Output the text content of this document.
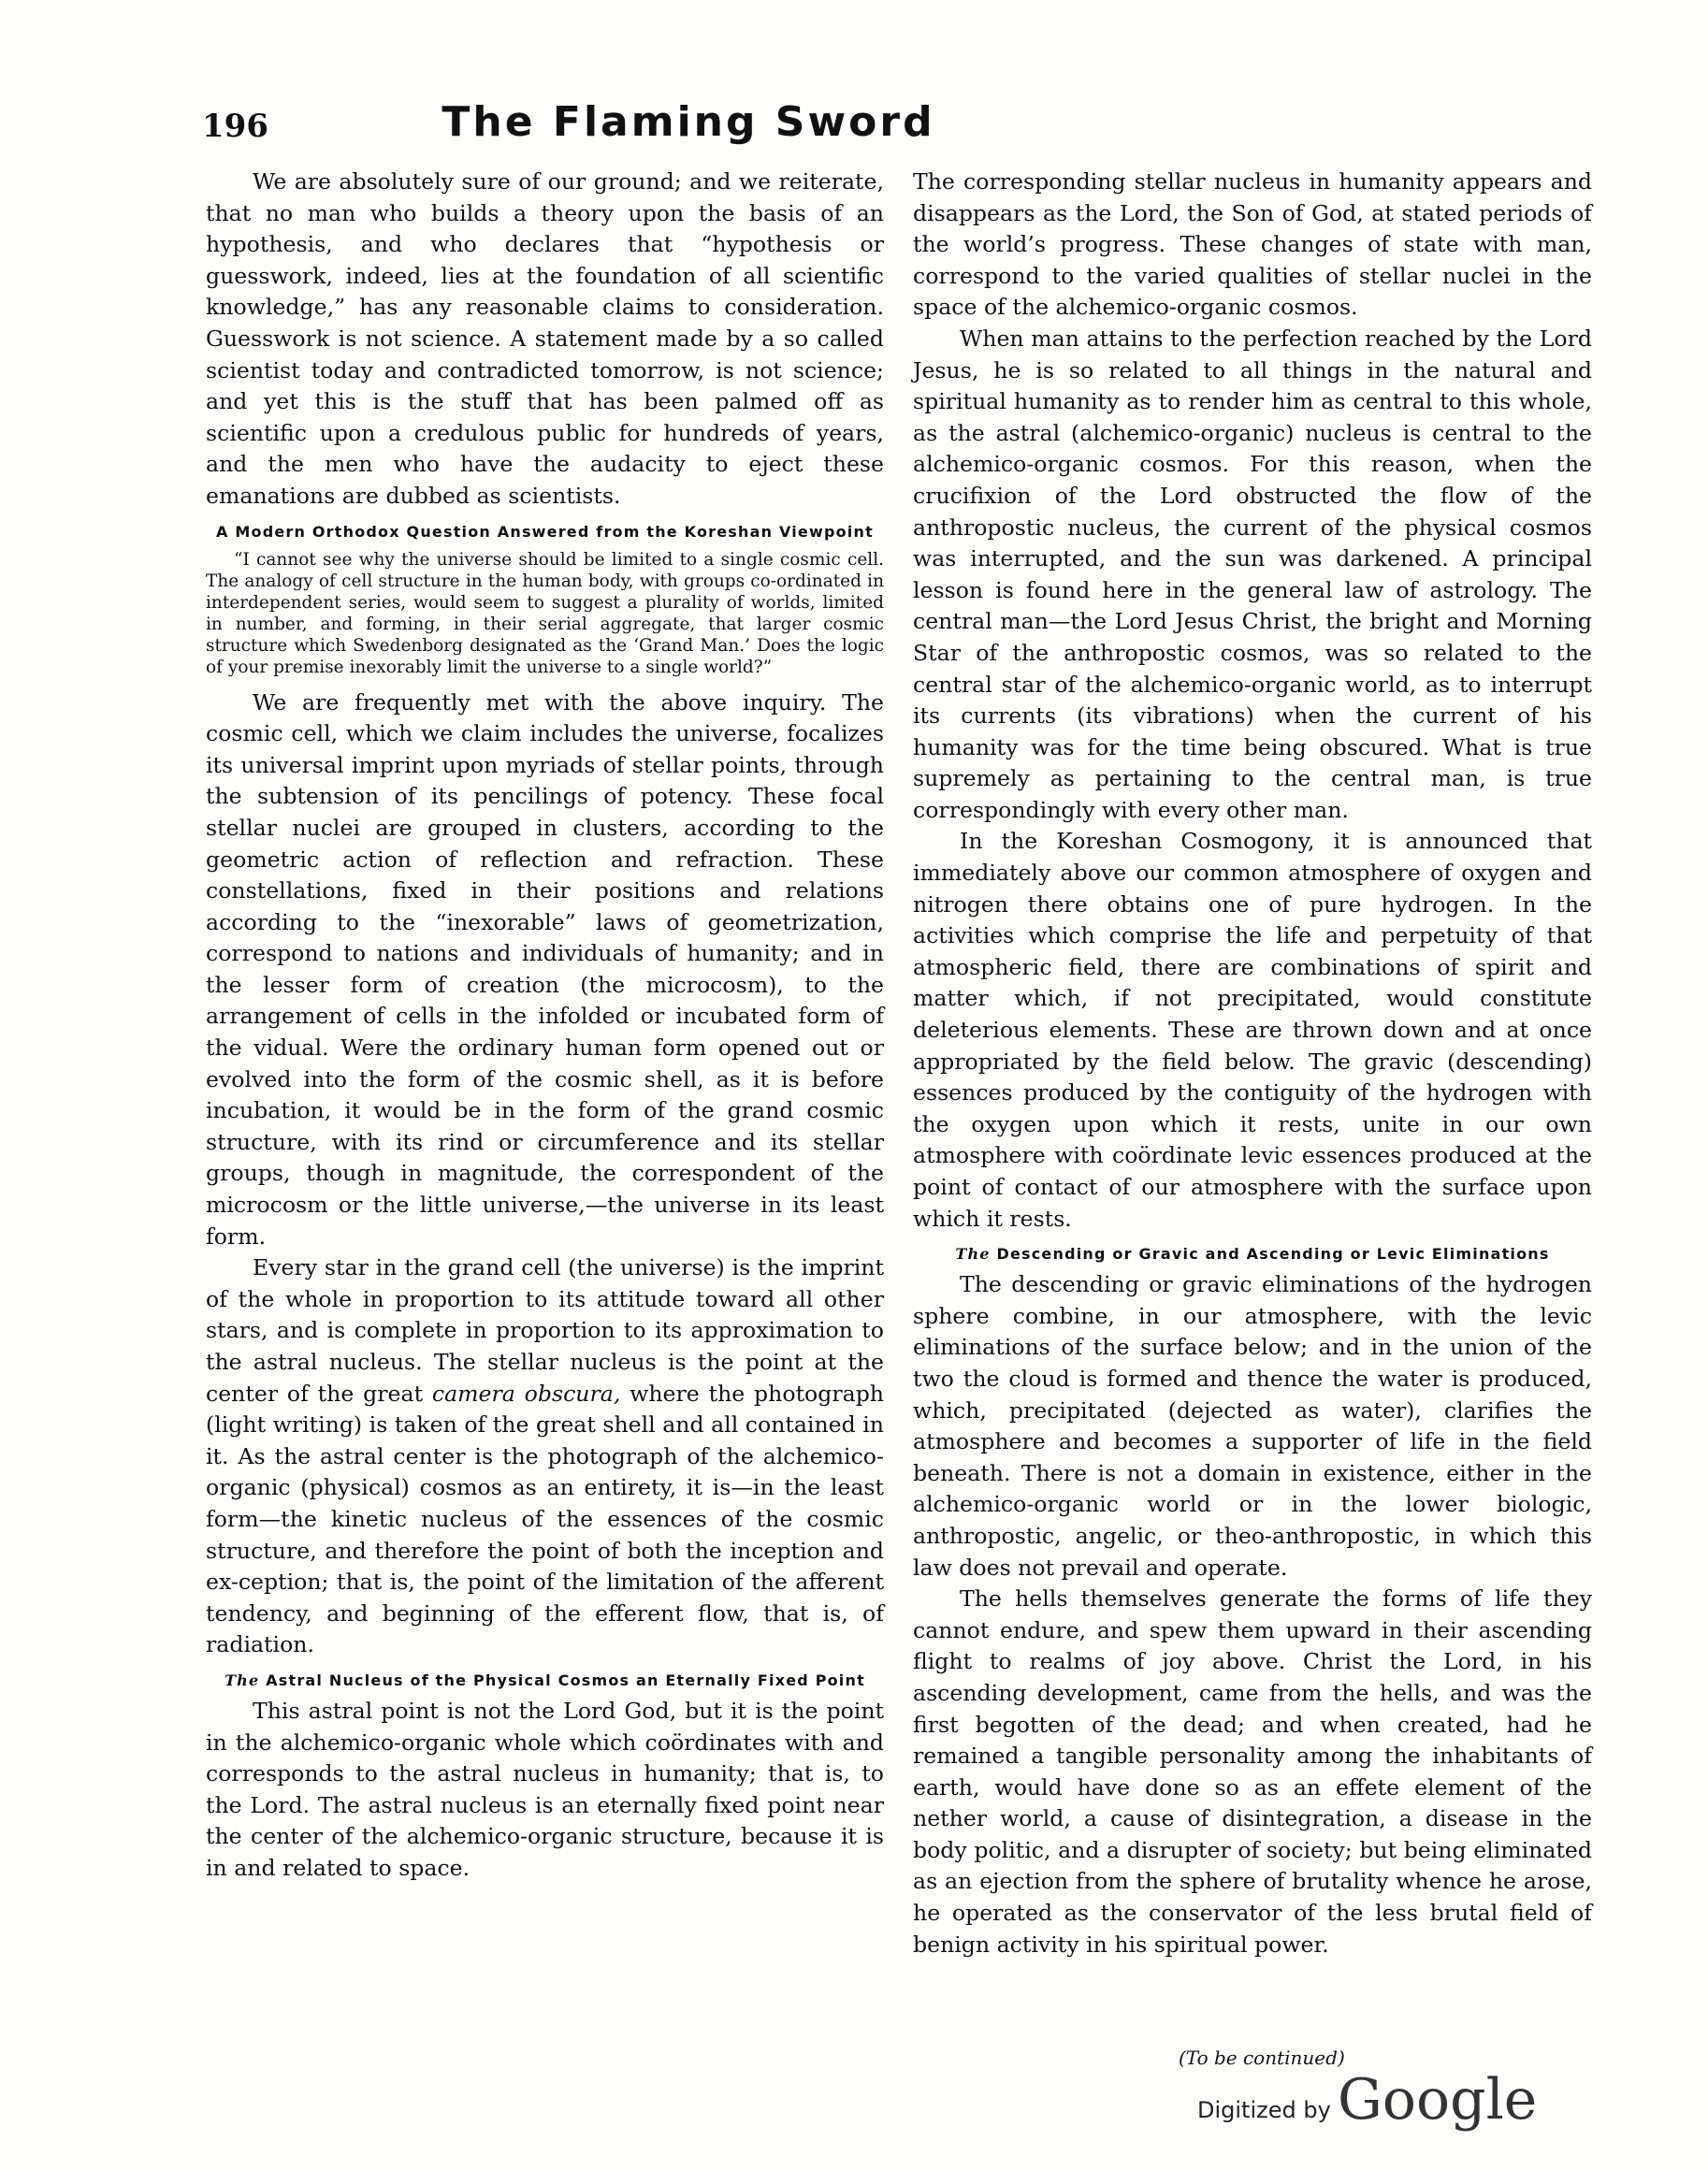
196	The Flaming Sword

We are absolutely sure of our ground; and we reiterate, that no man who builds a theory upon the basis of an hypothesis, and who declares that “hypothesis or guesswork, indeed, lies at the foundation of all scientific knowledge,” has any reasonable claims to consideration. Guesswork is not science. A statement made by a so called scientist today and contradicted tomorrow, is not science; and yet this is the stuff that has been palmed off as scientific upon a credulous public for hundreds of years, and the men who have the audacity to eject these emanations are dubbed as scientists.

A Modern Orthodox Question Answered from the Koreshan Viewpoint
“I cannot see why the universe should be limited to a single cosmic cell. The analogy of cell structure in the human body, with groups co-ordinated in interdependent series, would seem to suggest a plurality of worlds, limited in number, and forming, in their serial aggregate, that larger cosmic structure which Swedenborg designated as the ‘Grand Man.’ Does the logic of your premise inexorably limit the universe to a single world?”

We are frequently met with the above inquiry. The cosmic cell, which we claim includes the universe, focalizes its universal imprint upon myriads of stellar points, through the subtension of its pencilings of potency. These focal stellar nuclei are grouped in clusters, according to the geometric action of reflection and refraction. These constellations, fixed in their positions and relations according to the “inexorable” laws of geometrization, correspond to nations and individuals of humanity; and in the lesser form of creation (the microcosm), to the arrangement of cells in the infolded or incubated form of the vidual. Were the ordinary human form opened out or evolved into the form of the cosmic shell, as it is before incubation, it would be in the form of the grand cosmic structure, with its rind or circumference and its stellar groups, though in magnitude, the correspondent of the microcosm or the little universe,—the universe in its least form.

Every star in the grand cell (the universe) is the imprint of the whole in proportion to its attitude toward all other stars, and is complete in proportion to its approximation to the astral nucleus. The stellar nucleus is the point at the center of the great camera obscura, where the photograph (light writing) is taken of the great shell and all contained in it. As the astral center is the photograph of the alchemico-organic (physical) cosmos as an entirety, it is—in the least form—the kinetic nucleus of the essences of the cosmic structure, and therefore the point of both the inception and ex-ception; that is, the point of the limitation of the afferent tendency, and beginning of the efferent flow, that is, of radiation.

The Astral Nucleus of the Physical Cosmos an Eternally Fixed Point

This astral point is not the Lord God, but it is the point in the alchemico-organic whole which coördinates with and corresponds to the astral nucleus in humanity; that is, to the Lord. The astral nucleus is an eternally fixed point near the center of the alchemico-organic structure, because it is in and related to space.

The corresponding stellar nucleus in humanity appears and disappears as the Lord, the Son of God, at stated periods of the world’s progress. These changes of state with man, correspond to the varied qualities of stellar nuclei in the space of the alchemico-organic cosmos.

When man attains to the perfection reached by the Lord Jesus, he is so related to all things in the natural and spiritual humanity as to render him as central to this whole, as the astral (alchemico-organic) nucleus is central to the alchemico-organic cosmos. For this reason, when the crucifixion of the Lord obstructed the flow of the anthropostic nucleus, the current of the physical cosmos was interrupted, and the sun was darkened. A principal lesson is found here in the general law of astrology. The central man—the Lord Jesus Christ, the bright and Morning Star of the anthropostic cosmos, was so related to the central star of the alchemico-organic world, as to interrupt its currents (its vibrations) when the current of his humanity was for the time being obscured. What is true supremely as pertaining to the central man, is true correspondingly with every other man.

In the Koreshan Cosmogony, it is announced that immediately above our common atmosphere of oxygen and nitrogen there obtains one of pure hydrogen. In the activities which comprise the life and perpetuity of that atmospheric field, there are combinations of spirit and matter which, if not precipitated, would constitute deleterious elements. These are thrown down and at once appropriated by the field below. The gravic (descending) essences produced by the contiguity of the hydrogen with the oxygen upon which it rests, unite in our own atmosphere with coördinate levic essences produced at the point of contact of our atmosphere with the surface upon which it rests.

The Descending or Gravic and Ascending or Levic Eliminations

The descending or gravic eliminations of the hydrogen sphere combine, in our atmosphere, with the levic eliminations of the surface below; and in the union of the two the cloud is formed and thence the water is produced, which, precipitated (dejected as water), clarifies the atmosphere and becomes a supporter of life in the field beneath. There is not a domain in existence, either in the alchemico-organic world or in the lower biologic, anthropostic, angelic, or theo-anthropostic, in which this law does not prevail and operate.

The hells themselves generate the forms of life they cannot endure, and spew them upward in their ascending flight to realms of joy above. Christ the Lord, in his ascending development, came from the hells, and was the first begotten of the dead; and when created, had he remained a tangible personality among the inhabitants of earth, would have done so as an effete element of the nether world, a cause of disintegration, a disease in the body politic, and a disrupter of society; but being eliminated as an ejection from the sphere of brutality whence he arose, he operated as the conservator of the less brutal field of benign activity in his spiritual power.

(To be continued)
Digitized by Google
